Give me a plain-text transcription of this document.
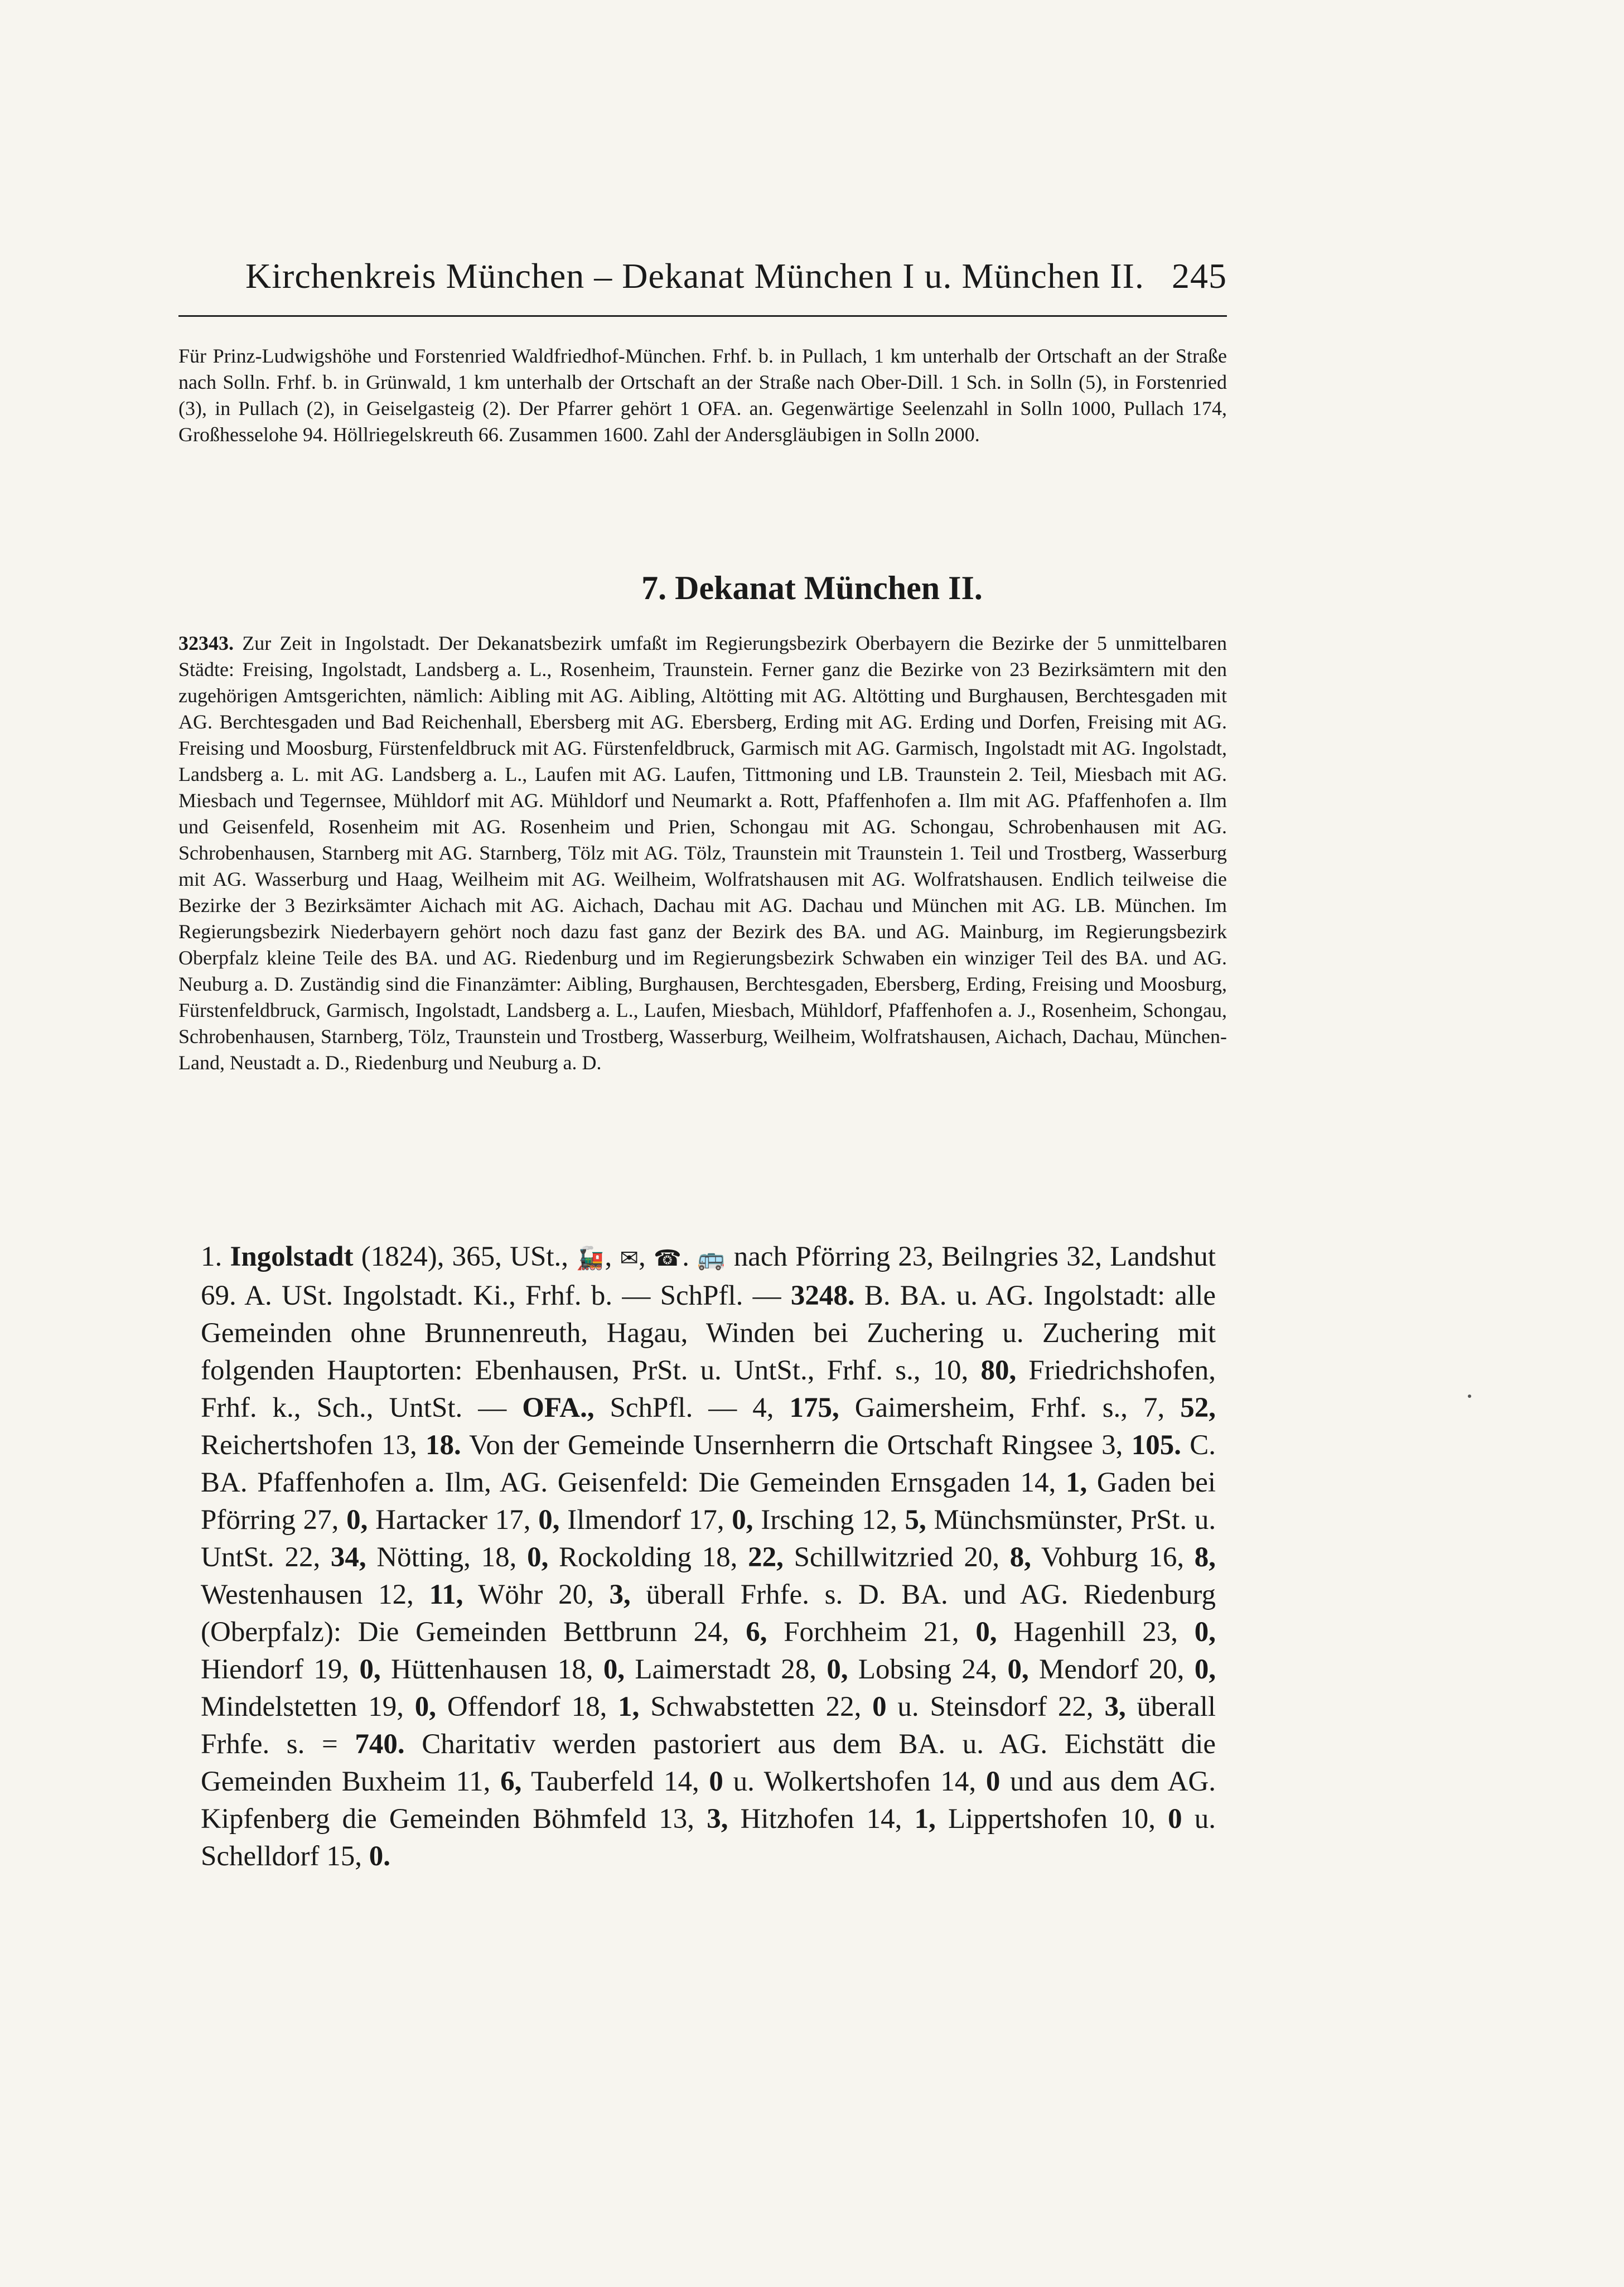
Kirchenkreis München – Dekanat München I u. München II. 245

Für Prinz-Ludwigshöhe und Forstenried Waldfriedhof-München. Frhf. b. in Pullach, 1 km unterhalb der Ortschaft an der Straße nach Solln. Frhf. b. in Grünwald, 1 km unterhalb der Ortschaft an der Straße nach Ober-Dill. 1 Sch. in Solln (5), in Forstenried (3), in Pullach (2), in Geiselgasteig (2). Der Pfarrer gehört 1 OFA. an. Gegenwärtige Seelenzahl in Solln 1000, Pullach 174, Großhesselohe 94. Höllriegelskreuth 66. Zusammen 1600. Zahl der Andersgläubigen in Solln 2000.

7. Dekanat München II.

32343. Zur Zeit in Ingolstadt. Der Dekanatsbezirk umfaßt im Regierungsbezirk Oberbayern die Bezirke der 5 unmittelbaren Städte: Freising, Ingolstadt, Landsberg a. L., Rosenheim, Traunstein. Ferner ganz die Bezirke von 23 Bezirksämtern mit den zugehörigen Amtsgerichten, nämlich: Aibling mit AG. Aibling, Altötting mit AG. Altötting und Burghausen, Berchtesgaden mit AG. Berchtesgaden und Bad Reichenhall, Ebersberg mit AG. Ebersberg, Erding mit AG. Erding und Dorfen, Freising mit AG. Freising und Moosburg, Fürstenfeldbruck mit AG. Fürstenfeldbruck, Garmisch mit AG. Garmisch, Ingolstadt mit AG. Ingolstadt, Landsberg a. L. mit AG. Landsberg a. L., Laufen mit AG. Laufen, Tittmoning und LB. Traunstein 2. Teil, Miesbach mit AG. Miesbach und Tegernsee, Mühldorf mit AG. Mühldorf und Neumarkt a. Rott, Pfaffenhofen a. Ilm mit AG. Pfaffenhofen a. Ilm und Geisenfeld, Rosenheim mit AG. Rosenheim und Prien, Schongau mit AG. Schongau, Schrobenhausen mit AG. Schrobenhausen, Starnberg mit AG. Starnberg, Tölz mit AG. Tölz, Traunstein mit Traunstein 1. Teil und Trostberg, Wasserburg mit AG. Wasserburg und Haag, Weilheim mit AG. Weilheim, Wolfratshausen mit AG. Wolfratshausen. Endlich teilweise die Bezirke der 3 Bezirksämter Aichach mit AG. Aichach, Dachau mit AG. Dachau und München mit AG. LB. München. Im Regierungsbezirk Niederbayern gehört noch dazu fast ganz der Bezirk des BA. und AG. Mainburg, im Regierungsbezirk Oberpfalz kleine Teile des BA. und AG. Riedenburg und im Regierungsbezirk Schwaben ein winziger Teil des BA. und AG. Neuburg a. D. Zuständig sind die Finanzämter: Aibling, Burghausen, Berchtesgaden, Ebersberg, Erding, Freising und Moosburg, Fürstenfeldbruck, Garmisch, Ingolstadt, Landsberg a. L., Laufen, Miesbach, Mühldorf, Pfaffenhofen a. J., Rosenheim, Schongau, Schrobenhausen, Starnberg, Tölz, Traunstein und Trostberg, Wasserburg, Weilheim, Wolfratshausen, Aichach, Dachau, München-Land, Neustadt a. D., Riedenburg und Neuburg a. D.

1. Ingolstadt (1824), 365, USt., 🚂, ✉, ☎. 🚌 nach Pförring 23, Beilngries 32, Landshut 69. A. USt. Ingolstadt. Ki., Frhf. b. — SchPfl. — 3248. B. BA. u. AG. Ingolstadt: alle Gemeinden ohne Brunnenreuth, Hagau, Winden bei Zuchering u. Zuchering mit folgenden Hauptorten: Ebenhausen, PrSt. u. UntSt., Frhf. s., 10, 80, Friedrichshofen, Frhf. k., Sch., UntSt. — OFA., SchPfl. — 4, 175, Gaimersheim, Frhf. s., 7, 52, Reichertshofen 13, 18. Von der Gemeinde Unsernherrn die Ortschaft Ringsee 3, 105. C. BA. Pfaffenhofen a. Ilm, AG. Geisenfeld: Die Gemeinden Ernsgaden 14, 1, Gaden bei Pförring 27, 0, Hartacker 17, 0, Ilmendorf 17, 0, Irsching 12, 5, Münchsmünster, PrSt. u. UntSt. 22, 34, Nötting, 18, 0, Rockolding 18, 22, Schillwitzried 20, 8, Vohburg 16, 8, Westenhausen 12, 11, Wöhr 20, 3, überall Frhfe. s. D. BA. und AG. Riedenburg (Oberpfalz): Die Gemeinden Bettbrunn 24, 6, Forchheim 21, 0, Hagenhill 23, 0, Hiendorf 19, 0, Hüttenhausen 18, 0, Laimerstadt 28, 0, Lobsing 24, 0, Mendorf 20, 0, Mindelstetten 19, 0, Offendorf 18, 1, Schwabstetten 22, 0 u. Steinsdorf 22, 3, überall Frhfe. s. = 740. Charitativ werden pastoriert aus dem BA. u. AG. Eichstätt die Gemeinden Buxheim 11, 6, Tauberfeld 14, 0 u. Wolkertshofen 14, 0 und aus dem AG. Kipfenberg die Gemeinden Böhmfeld 13, 3, Hitzhofen 14, 1, Lippertshofen 10, 0 u. Schelldorf 15, 0.
